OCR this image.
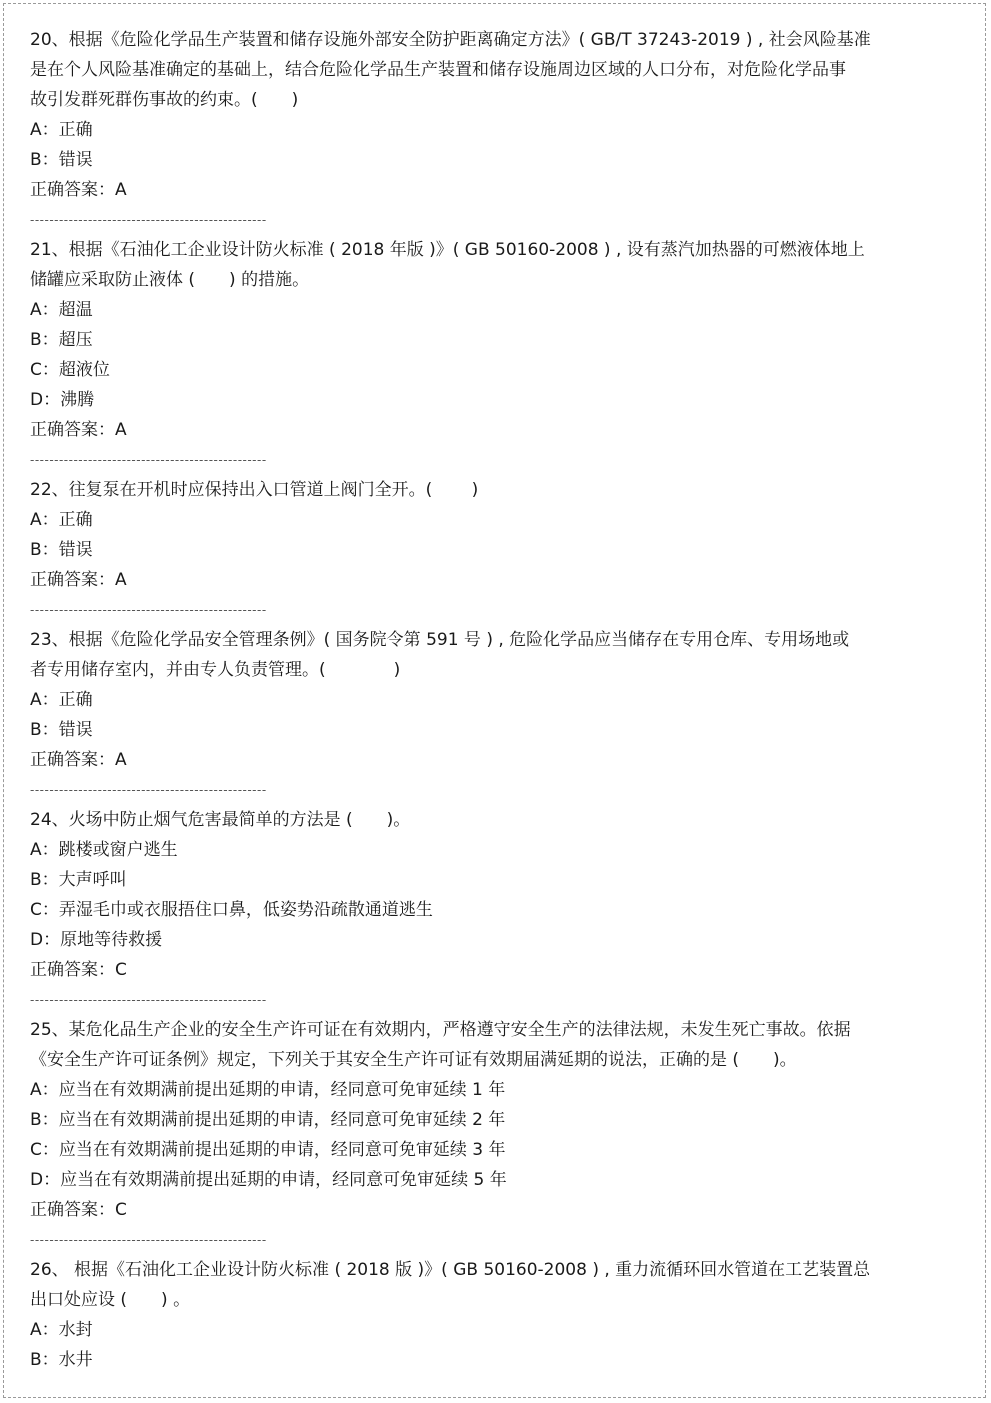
20、根据《危险化学品生产装置和储存设施外部安全防护距离确定方法》( GB/T 37243-2019 ) , 社会风险基准
是在个人风险基准确定的基础上，结合危险化学品生产装置和储存设施周边区域的人口分布，对危险化学品事
故引发群死群伤事故的约束。(　　)
A：正确
B：错误
正确答案：A
-------------------------------------------------
21、根据《石油化工企业设计防火标准 ( 2018 年版 )》( GB 50160-2008 ) , 设有蒸汽加热器的可燃液体地上
储罐应采取防止液体 (　　) 的措施。
A：超温
B：超压
C：超液位
D：沸腾
正确答案：A
-------------------------------------------------
22、往复泵在开机时应保持出入口管道上阀门全开。(　　 )
A：正确
B：错误
正确答案：A
-------------------------------------------------
23、根据《危险化学品安全管理条例》( 国务院令第 591 号 ) , 危险化学品应当储存在专用仓库、专用场地或
者专用储存室内，并由专人负责管理。(　　　　)
A：正确
B：错误
正确答案：A
-------------------------------------------------
24、火场中防止烟气危害最简单的方法是 (　　)。
A：跳楼或窗户逃生
B：大声呼叫
C：弄湿毛巾或衣服捂住口鼻，低姿势沿疏散通道逃生
D：原地等待救援
正确答案：C
-------------------------------------------------
25、某危化品生产企业的安全生产许可证在有效期内，严格遵守安全生产的法律法规，未发生死亡事故。依据
《安全生产许可证条例》规定，下列关于其安全生产许可证有效期届满延期的说法，正确的是 (　　)。
A：应当在有效期满前提出延期的申请，经同意可免审延续 1 年
B：应当在有效期满前提出延期的申请，经同意可免审延续 2 年
C：应当在有效期满前提出延期的申请，经同意可免审延续 3 年
D：应当在有效期满前提出延期的申请，经同意可免审延续 5 年
正确答案：C
-------------------------------------------------
26、 根据《石油化工企业设计防火标准 ( 2018 版 )》( GB 50160-2008 ) , 重力流循环回水管道在工艺装置总
出口处应设 (　　) 。
A：水封
B：水井
